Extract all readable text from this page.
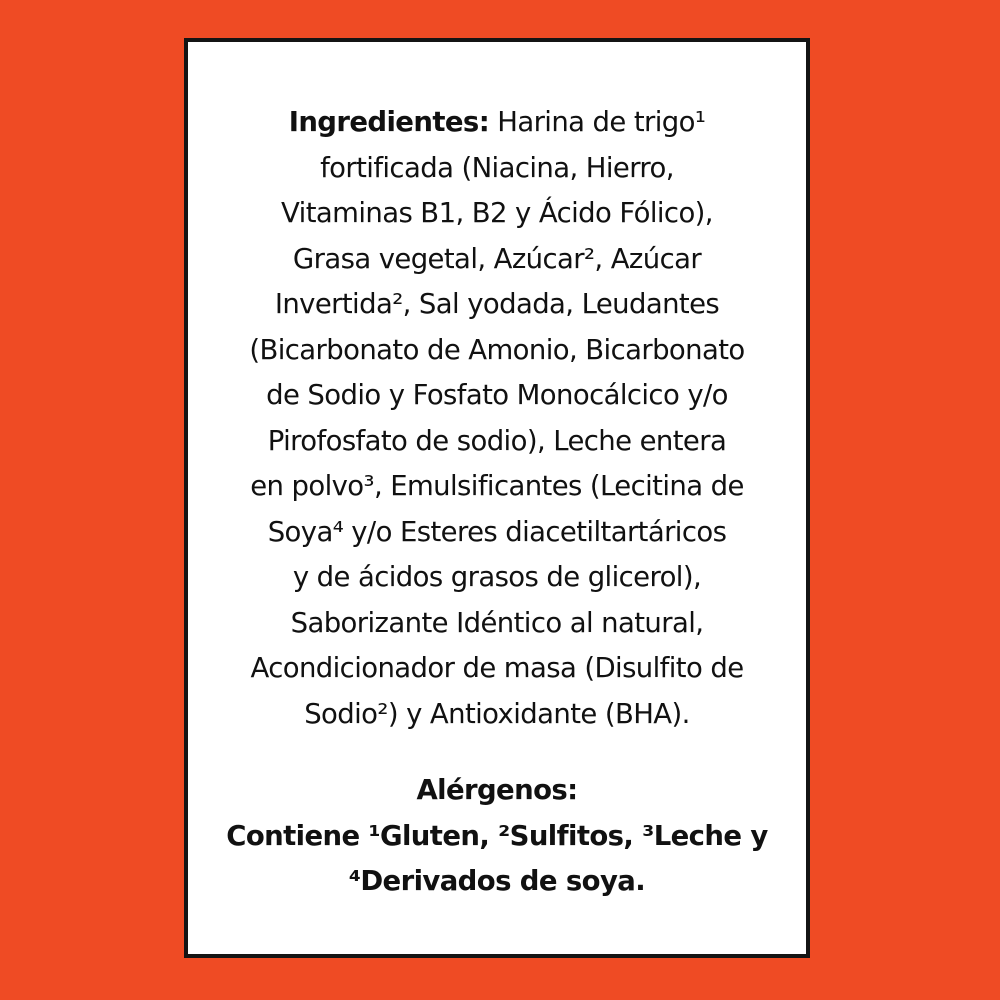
Ingredientes: Harina de trigo¹
fortificada (Niacina, Hierro,
Vitaminas B1, B2 y Ácido Fólico),
Grasa vegetal, Azúcar², Azúcar
Invertida², Sal yodada, Leudantes
(Bicarbonato de Amonio, Bicarbonato
de Sodio y Fosfato Monocálcico y/o
Pirofosfato de sodio), Leche entera
en polvo³, Emulsificantes (Lecitina de
Soya⁴ y/o Esteres diacetiltartáricos
y de ácidos grasos de glicerol),
Saborizante Idéntico al natural,
Acondicionador de masa (Disulfito de
Sodio²) y Antioxidante (BHA).
Alérgenos:
Contiene ¹Gluten, ²Sulfitos, ³Leche y
⁴Derivados de soya.
